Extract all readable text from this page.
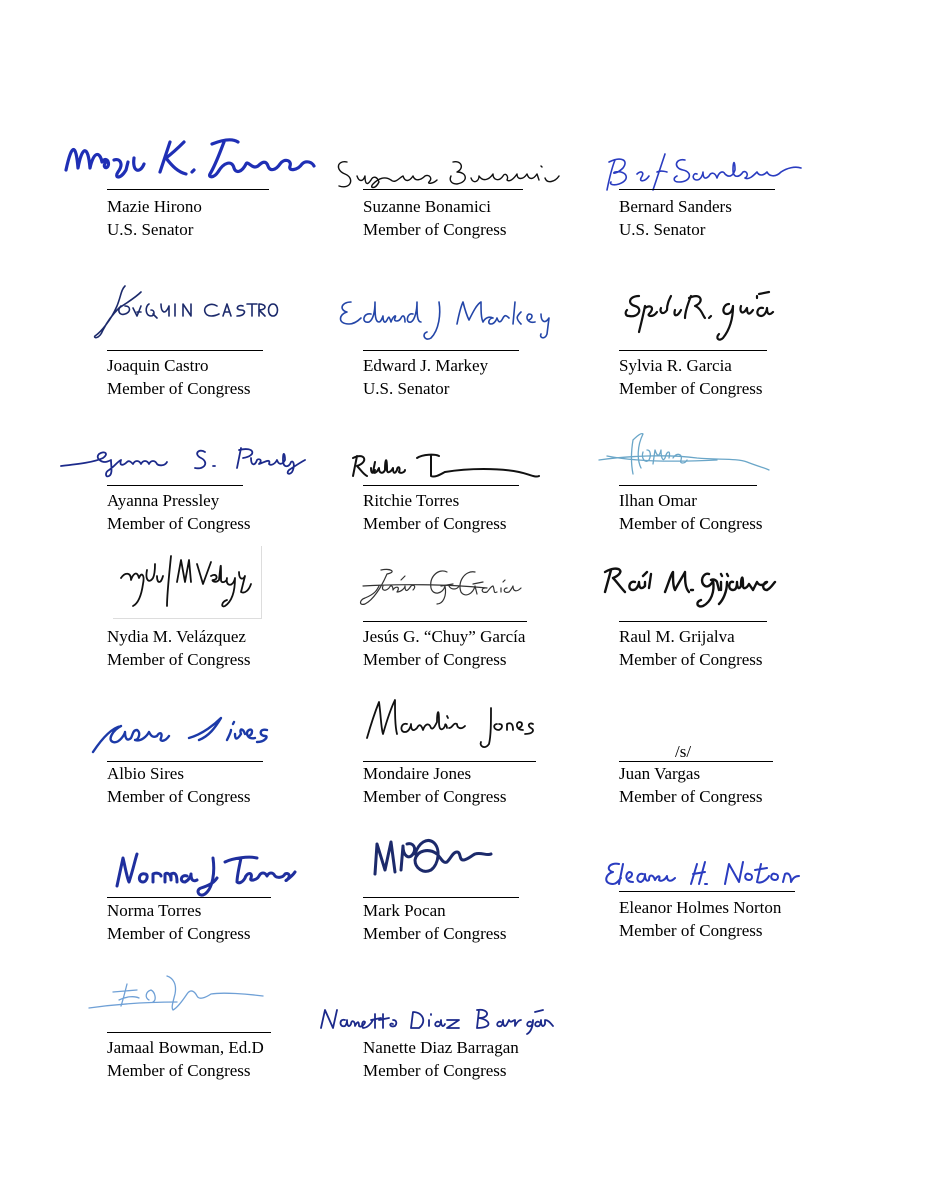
Mazie Hirono
U.S. Senator
Suzanne Bonamici
Member of Congress
Bernard Sanders
U.S. Senator
Joaquin Castro
Member of Congress
Edward J. Markey
U.S. Senator
Sylvia R. Garcia
Member of Congress
Ayanna Pressley
Member of Congress
Ritchie Torres
Member of Congress
Ilhan Omar
Member of Congress
Nydia M. Velázquez
Member of Congress
Jesús G. “Chuy” García
Member of Congress
Raul M. Grijalva
Member of Congress
Albio Sires
Member of Congress
Mondaire Jones
Member of Congress
/s/
Juan Vargas
Member of Congress
Norma Torres
Member of Congress
Mark Pocan
Member of Congress
Eleanor Holmes Norton
Member of Congress
Jamaal Bowman, Ed.D
Member of Congress
Nanette Diaz Barragan
Member of Congress
